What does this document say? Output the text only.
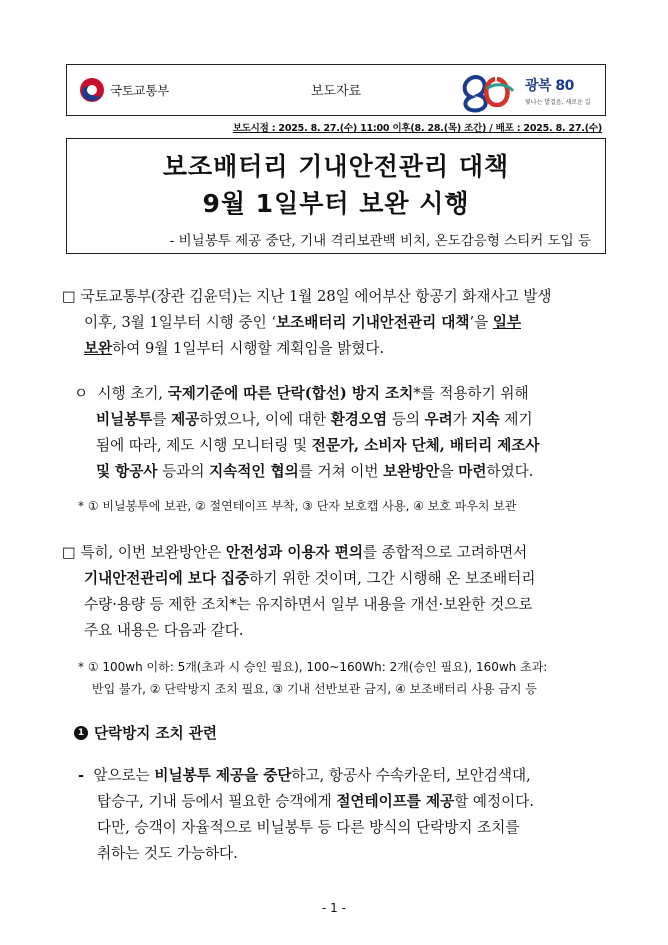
국토교통부	보도자료	광복 80
빛나는 발걸음, 새로운 길
보도시점 : 2025. 8. 27.(수) 11:00 이후(8. 28.(목) 조간) / 배포 : 2025. 8. 27.(수)
보조배터리 기내안전관리 대책
9월 1일부터 보완 시행
- 비닐봉투 제공 중단, 기내 격리보관백 비치, 온도감응형 스티커 도입 등
□ 국토교통부(장관 김윤덕)는 지난 1월 28일 에어부산 항공기 화재사고 발생
이후, 3월 1일부터 시행 중인 ‘보조배터리 기내안전관리 대책’을 일부
보완하여 9월 1일부터 시행할 계획임을 밝혔다.
ㅇ 시행 초기, 국제기준에 따른 단락(합선) 방지 조치*를 적용하기 위해
비닐봉투를 제공하였으나, 이에 대한 환경오염 등의 우려가 지속 제기
됨에 따라, 제도 시행 모니터링 및 전문가, 소비자 단체, 배터리 제조사
및 항공사 등과의 지속적인 협의를 거쳐 이번 보완방안을 마련하였다.
* ① 비닐봉투에 보관, ② 절연테이프 부착, ③ 단자 보호캡 사용, ④ 보호 파우치 보관
□ 특히, 이번 보완방안은 안전성과 이용자 편의를 종합적으로 고려하면서
기내안전관리에 보다 집중하기 위한 것이며, 그간 시행해 온 보조배터리
수량·용량 등 제한 조치*는 유지하면서 일부 내용을 개선·보완한 것으로
주요 내용은 다음과 같다.
* ① 100wh 이하: 5개(초과 시 승인 필요), 100~160Wh: 2개(승인 필요), 160wh 초과:
반입 불가, ② 단락방지 조치 필요, ③ 기내 선반보관 금지, ④ 보조배터리 사용 금지 등
1 단락방지 조치 관련
- 앞으로는 비닐봉투 제공을 중단하고, 항공사 수속카운터, 보안검색대,
탑승구, 기내 등에서 필요한 승객에게 절연테이프를 제공할 예정이다.
다만, 승객이 자율적으로 비닐봉투 등 다른 방식의 단락방지 조치를
취하는 것도 가능하다.
- 1 -
